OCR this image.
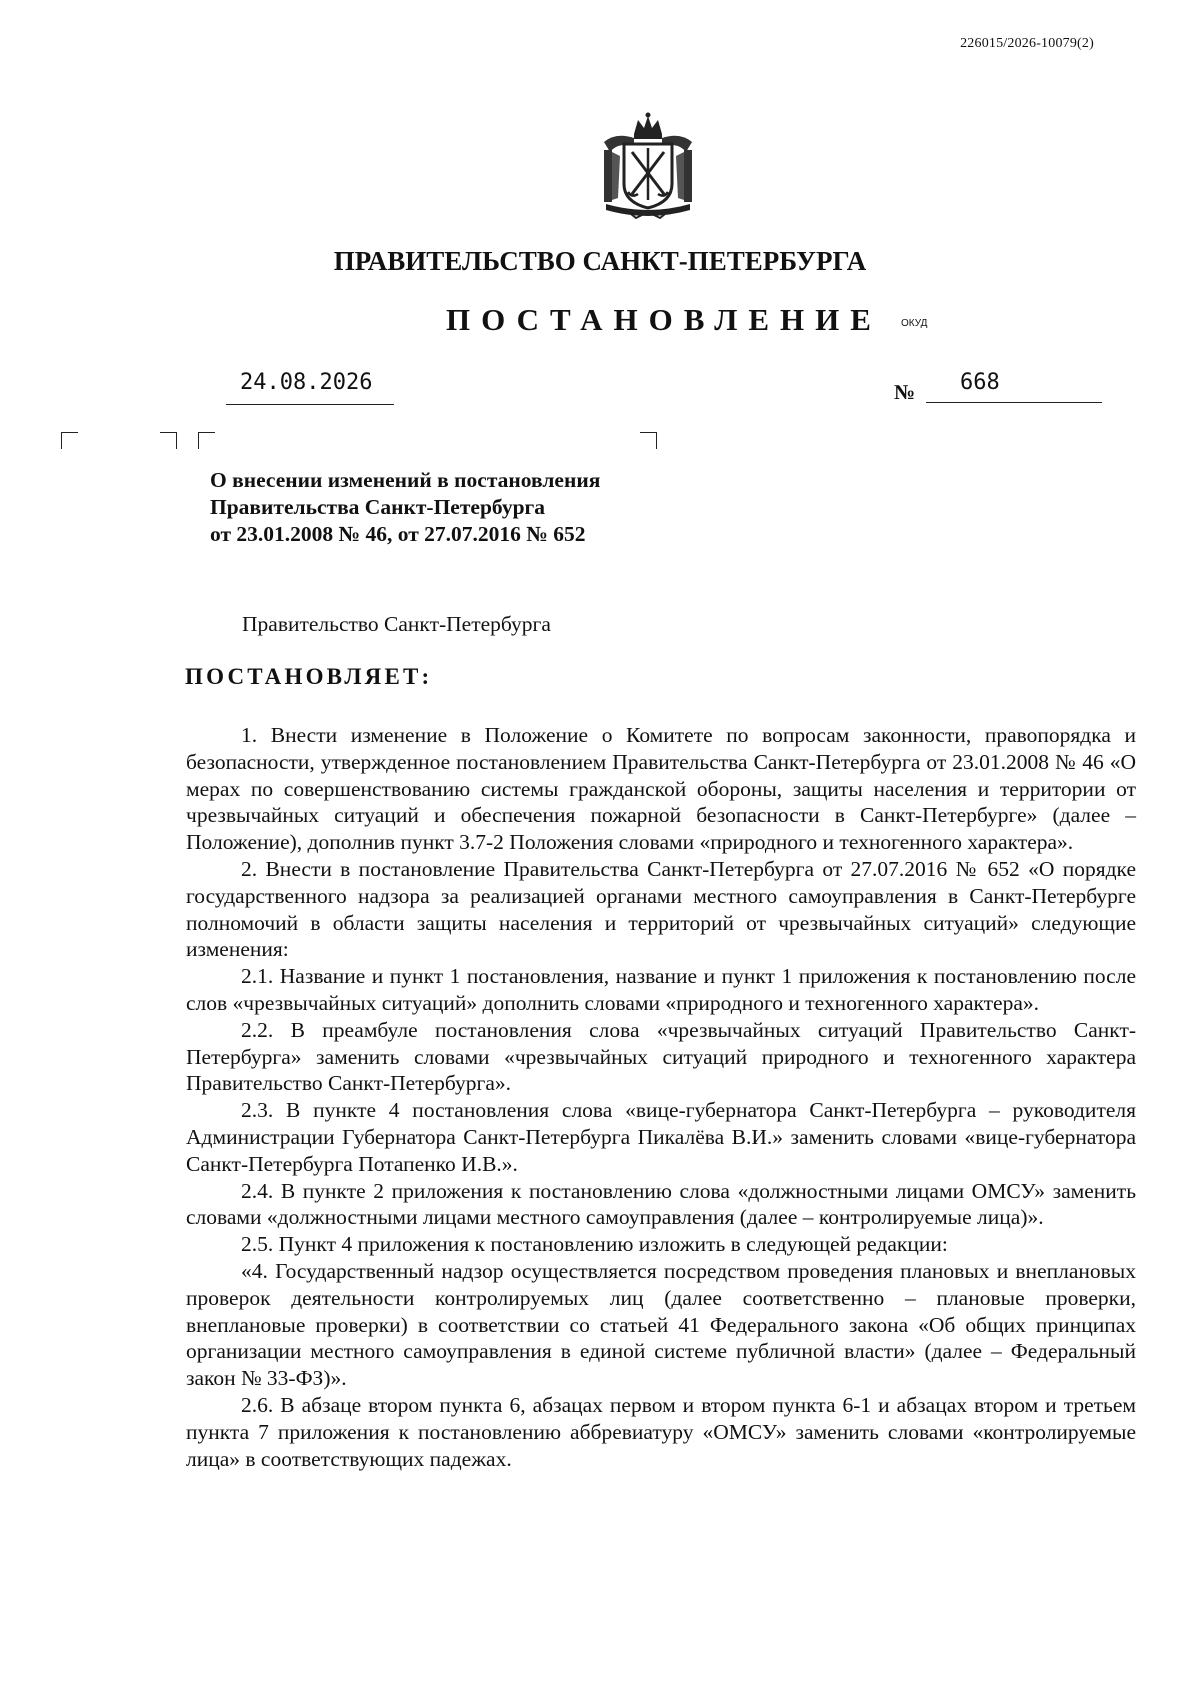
226015/2026-10079(2)
ПРАВИТЕЛЬСТВО САНКТ-ПЕТЕРБУРГА
ПОСТАНОВЛЕНИЕ ОКУД
24.08.2026	№ 668
О внесении изменений в постановления
Правительства Санкт-Петербурга
от 23.01.2008 № 46, от 27.07.2016 № 652
Правительство Санкт-Петербурга
ПОСТАНОВЛЯЕТ:

1. Внести изменение в Положение о Комитете по вопросам законности, правопорядка и безопасности, утвержденное постановлением Правительства Санкт-Петербурга от 23.01.2008 № 46 «О мерах по совершенствованию системы гражданской обороны, защиты населения и территории от чрезвычайных ситуаций и обеспечения пожарной безопасности в Санкт-Петербурге» (далее – Положение), дополнив пункт 3.7-2 Положения словами «природного и техногенного характера».

2. Внести в постановление Правительства Санкт-Петербурга от 27.07.2016 № 652 «О порядке государственного надзора за реализацией органами местного самоуправления в Санкт-Петербурге полномочий в области защиты населения и территорий от чрезвычайных ситуаций» следующие изменения:

2.1. Название и пункт 1 постановления, название и пункт 1 приложения к постановлению после слов «чрезвычайных ситуаций» дополнить словами «природного и техногенного характера».

2.2. В преамбуле постановления слова «чрезвычайных ситуаций Правительство Санкт-Петербурга» заменить словами «чрезвычайных ситуаций природного и техногенного характера Правительство Санкт-Петербурга».

2.3. В пункте 4 постановления слова «вице-губернатора Санкт-Петербурга – руководителя Администрации Губернатора Санкт-Петербурга Пикалёва В.И.» заменить словами «вице-губернатора Санкт-Петербурга Потапенко И.В.».

2.4. В пункте 2 приложения к постановлению слова «должностными лицами ОМСУ» заменить словами «должностными лицами местного самоуправления (далее – контролируемые лица)».

2.5. Пункт 4 приложения к постановлению изложить в следующей редакции:

«4. Государственный надзор осуществляется посредством проведения плановых и внеплановых проверок деятельности контролируемых лиц (далее соответственно – плановые проверки, внеплановые проверки) в соответствии со статьей 41 Федерального закона «Об общих принципах организации местного самоуправления в единой системе публичной власти» (далее – Федеральный закон № 33-ФЗ)».

2.6. В абзаце втором пункта 6, абзацах первом и втором пункта 6-1 и абзацах втором и третьем пункта 7 приложения к постановлению аббревиатуру «ОМСУ» заменить словами «контролируемые лица» в соответствующих падежах.
